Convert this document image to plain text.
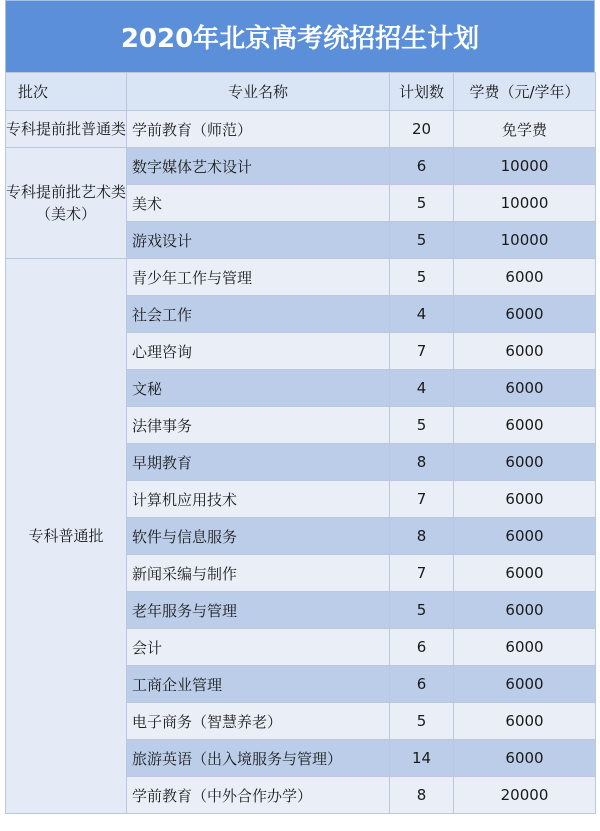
2020年北京高考统招招生计划
批次	专业名称	计划数	学费（元/学年）
专科提前批普通类	学前教育（师范）	20	免学费
专科提前批艺术类（美术）	数字媒体艺术设计	6	10000
	美术	5	10000
	游戏设计	5	10000
专科普通批	青少年工作与管理	5	6000
	社会工作	4	6000
	心理咨询	7	6000
	文秘	4	6000
	法律事务	5	6000
	早期教育	8	6000
	计算机应用技术	7	6000
	软件与信息服务	8	6000
	新闻采编与制作	7	6000
	老年服务与管理	5	6000
	会计	6	6000
	工商企业管理	6	6000
	电子商务（智慧养老）	5	6000
	旅游英语（出入境服务与管理）	14	6000
	学前教育（中外合作办学）	8	20000
